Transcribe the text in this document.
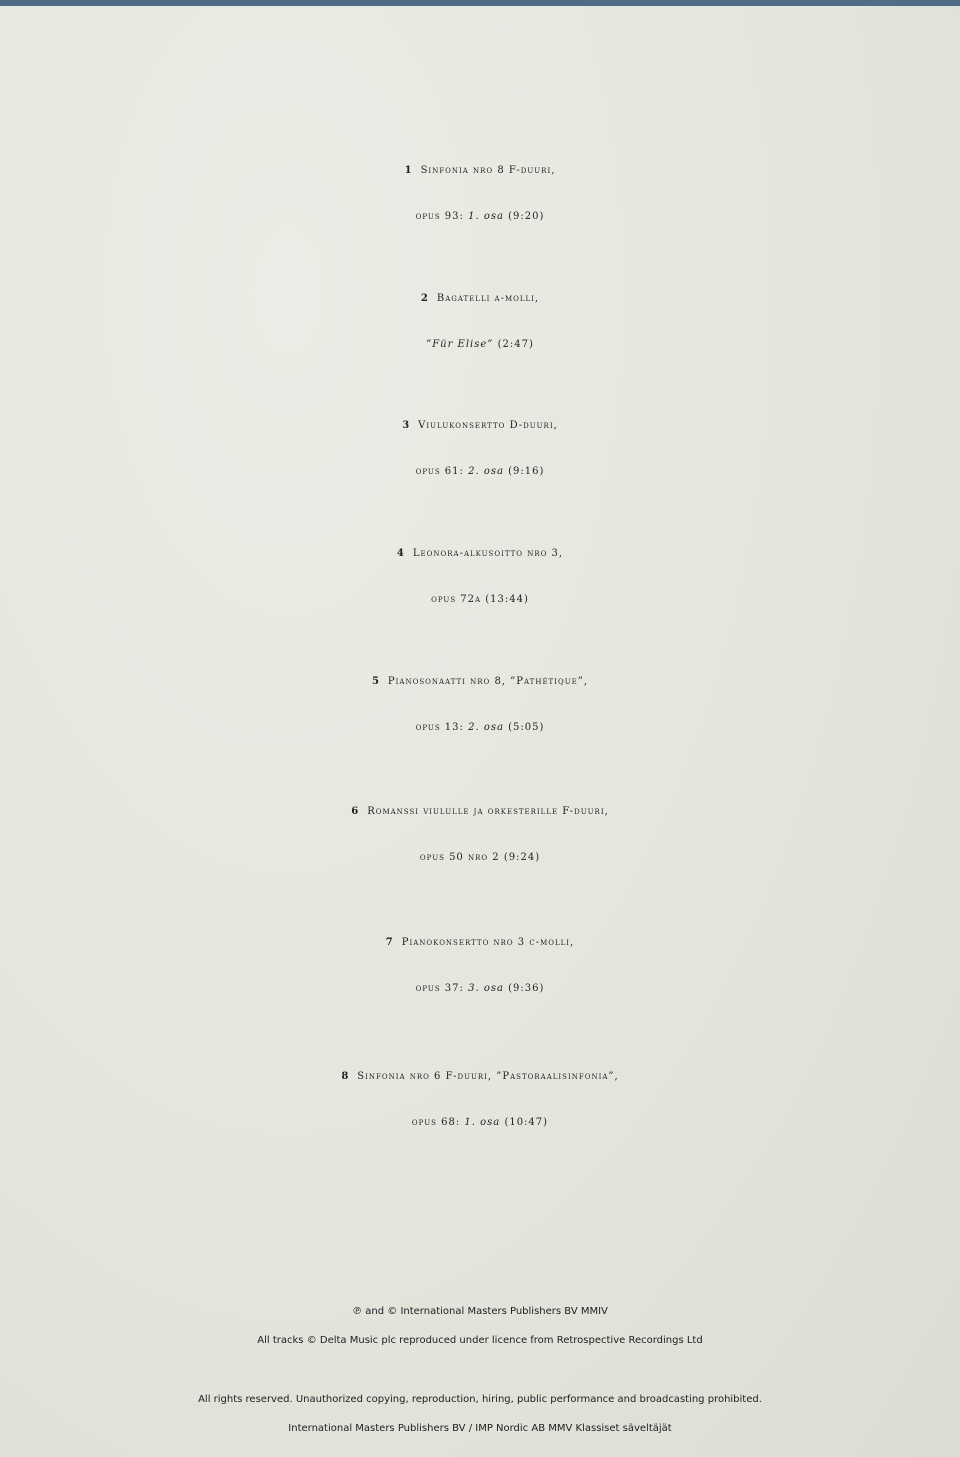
1 Sinfonia nro 8 F-duuri,
opus 93: 1. osa (9:20)
2 Bagatelli a-molli,
”Für Elise” (2:47)
3 Viulukonsertto D-duuri,
opus 61: 2. osa (9:16)
4 Leonora-alkusoitto nro 3,
opus 72a (13:44)
5 Pianosonaatti nro 8, ”Pathétique”,
opus 13: 2. osa (5:05)
6 Romanssi viululle ja orkesterille F-duuri,
opus 50 nro 2 (9:24)
7 Pianokonsertto nro 3 c-molli,
opus 37: 3. osa (9:36)
8 Sinfonia nro 6 F-duuri, ”Pastoraalisinfonia”,
opus 68: 1. osa (10:47)
℗ and © International Masters Publishers BV MMIV
All tracks © Delta Music plc reproduced under licence from Retrospective Recordings Ltd
All rights reserved. Unauthorized copying, reproduction, hiring, public performance and broadcasting prohibited.
International Masters Publishers BV / IMP Nordic AB MMV Klassiset säveltäjät
